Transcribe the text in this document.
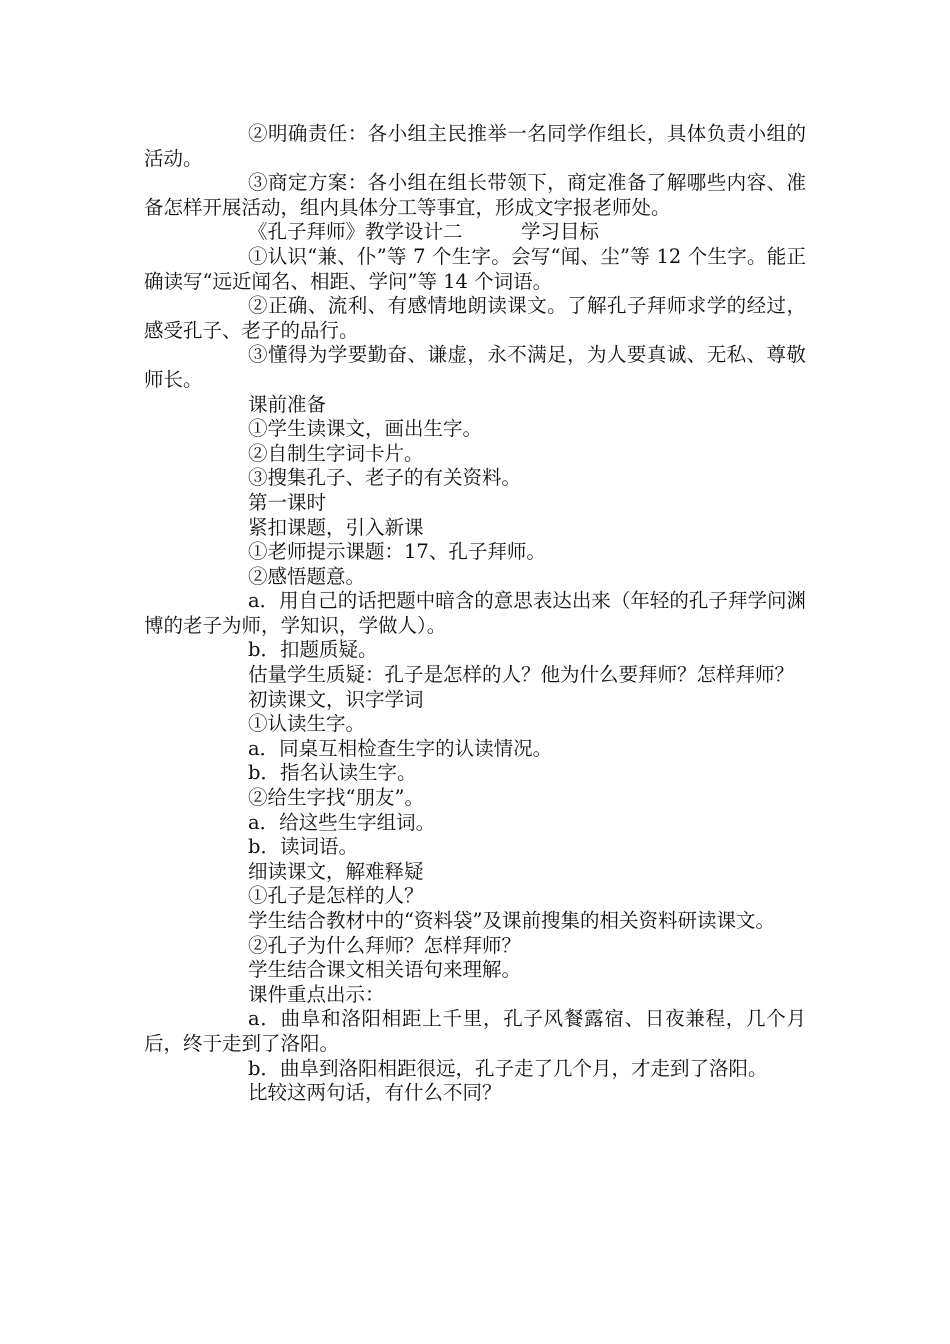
②明确责任：各小组主民推举一名同学作组长，具体负责小组的活动。

③商定方案：各小组在组长带领下，商定准备了解哪些内容、准备怎样开展活动，组内具体分工等事宜，形成文字报老师处。

《孔子拜师》教学设计二　　　学习目标

①认识“兼、仆”等 7 个生字。会写“闻、尘”等 12 个生字。能正确读写“远近闻名、相距、学问”等 14 个词语。

②正确、流利、有感情地朗读课文。了解孔子拜师求学的经过，感受孔子、老子的品行。

③懂得为学要勤奋、谦虚，永不满足，为人要真诚、无私、尊敬师长。

课前准备

①学生读课文，画出生字。

②自制生字词卡片。

③搜集孔子、老子的有关资料。

第一课时

紧扣课题，引入新课

①老师提示课题：17、孔子拜师。

②感悟题意。

a．用自己的话把题中暗含的意思表达出来（年轻的孔子拜学问渊博的老子为师，学知识，学做人）。

b．扣题质疑。

估量学生质疑：孔子是怎样的人？他为什么要拜师？怎样拜师？

初读课文，识字学词

①认读生字。

a．同桌互相检查生字的认读情况。

b．指名认读生字。

②给生字找“朋友”。

a．给这些生字组词。

b．读词语。

细读课文，解难释疑

①孔子是怎样的人？

学生结合教材中的“资料袋”及课前搜集的相关资料研读课文。

②孔子为什么拜师？怎样拜师？

学生结合课文相关语句来理解。

课件重点出示：

a．曲阜和洛阳相距上千里，孔子风餐露宿、日夜兼程，几个月后，终于走到了洛阳。

b．曲阜到洛阳相距很远，孔子走了几个月，才走到了洛阳。

比较这两句话，有什么不同？
